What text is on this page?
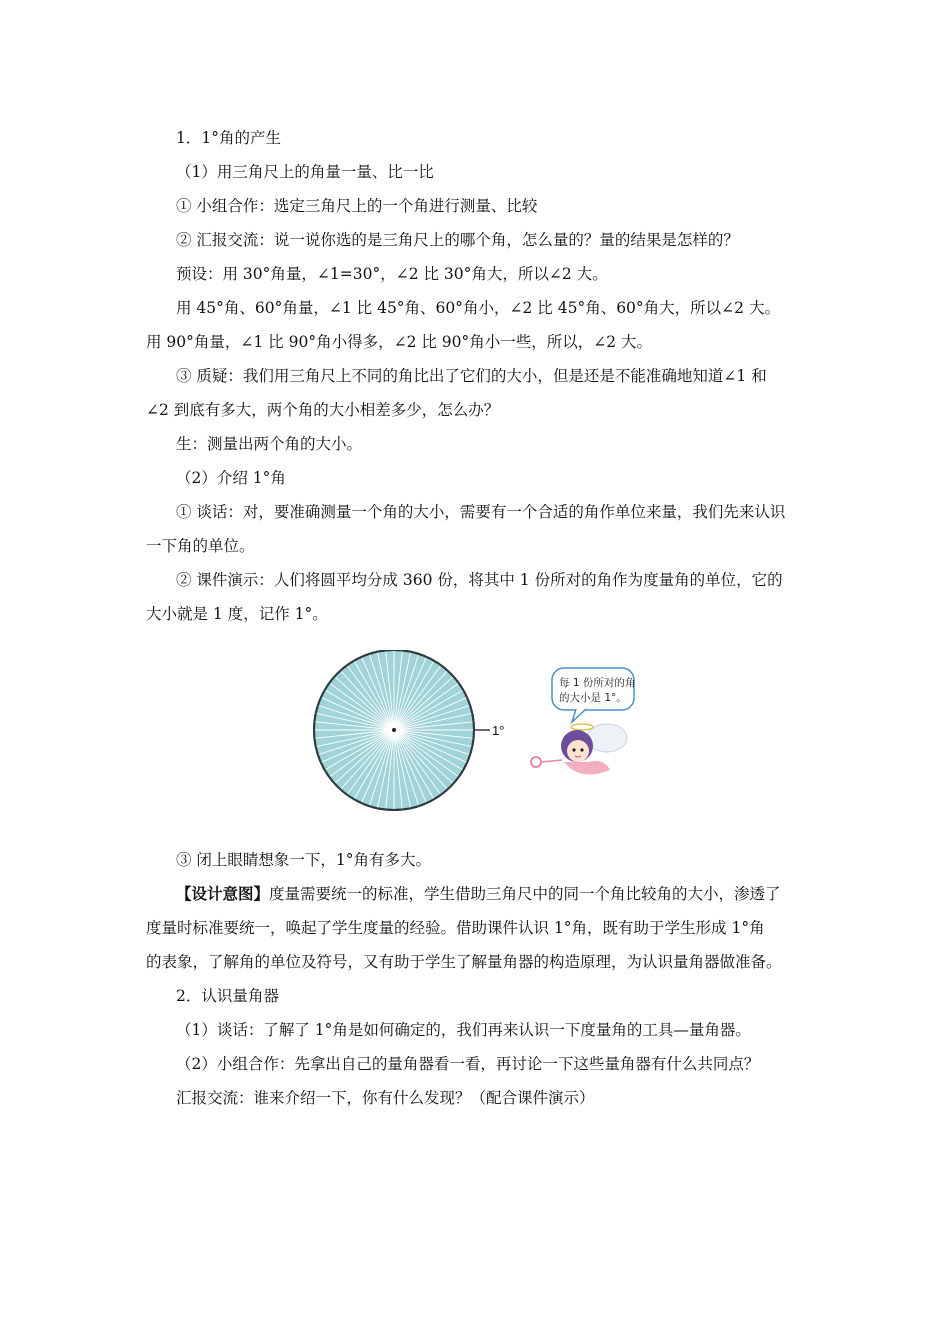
1．1°角的产生
（1）用三角尺上的角量一量、比一比
① 小组合作：选定三角尺上的一个角进行测量、比较
② 汇报交流：说一说你选的是三角尺上的哪个角，怎么量的？量的结果是怎样的？
预设：用 30°角量，∠1=30°，∠2 比 30°角大，所以∠2 大。
用 45°角、60°角量，∠1 比 45°角、60°角小，∠2 比 45°角、60°角大，所以∠2 大。
用 90°角量，∠1 比 90°角小得多，∠2 比 90°角小一些，所以，∠2 大。
③ 质疑：我们用三角尺上不同的角比出了它们的大小，但是还是不能准确地知道∠1 和
∠2 到底有多大，两个角的大小相差多少，怎么办？
生：测量出两个角的大小。
（2）介绍 1°角
① 谈话：对，要准确测量一个角的大小，需要有一个合适的角作单位来量，我们先来认识
一下角的单位。
② 课件演示：人们将圆平均分成 360 份，将其中 1 份所对的角作为度量角的单位，它的
大小就是 1 度，记作 1°。
1°
每 1 份所对的角
的大小是 1°。
③ 闭上眼睛想象一下，1°角有多大。
【设计意图】度量需要统一的标准，学生借助三角尺中的同一个角比较角的大小，渗透了
度量时标准要统一，唤起了学生度量的经验。借助课件认识 1°角，既有助于学生形成 1°角
的表象，了解角的单位及符号，又有助于学生了解量角器的构造原理，为认识量角器做准备。
2．认识量角器
（1）谈话：了解了 1°角是如何确定的，我们再来认识一下度量角的工具—量角器。
（2）小组合作：先拿出自己的量角器看一看，再讨论一下这些量角器有什么共同点？
汇报交流：谁来介绍一下，你有什么发现？（配合课件演示）
